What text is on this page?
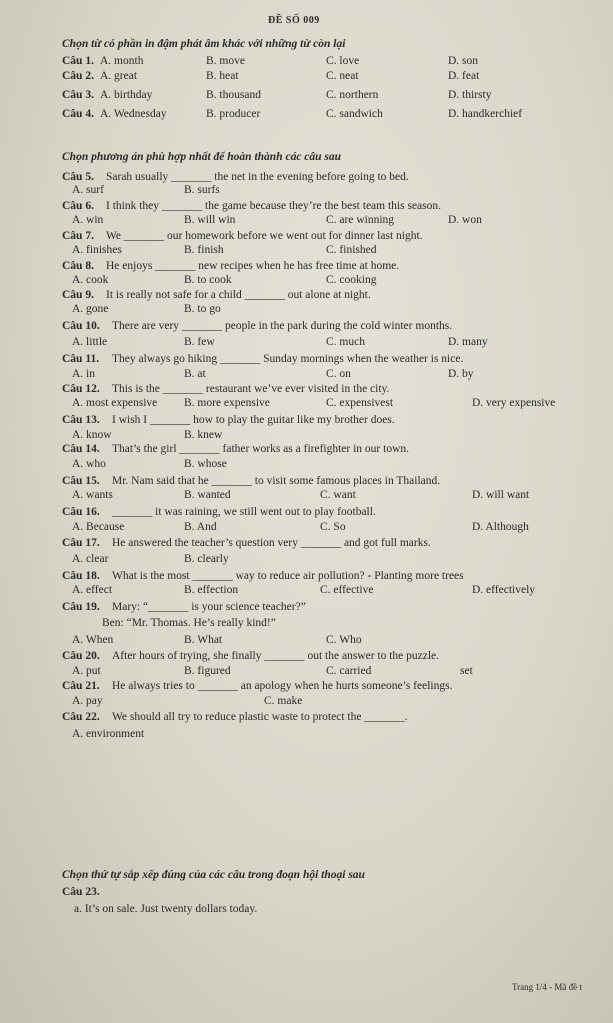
ĐỀ SỐ 009
Chọn từ có phần in đậm phát âm khác với những từ còn lại
Câu 1. A. month	B. move	C. love	D. son
Câu 2. A. great	B. heat	C. neat	D. feat
Câu 3. A. birthday	B. thousand	C. northern	D. thirsty
Câu 4. A. Wednesday	B. producer	C. sandwich	D. handkerchief
Chọn phương án phù hợp nhất để hoàn thành các câu sau
Câu 5. Sarah usually _______ the net in the evening before going to bed.
A. surf	B. surfs
Câu 6. I think they _______ the game because they’re the best team this season.
A. win	B. will win	C. are winning	D. won
Câu 7. We _______ our homework before we went out for dinner last night.
A. finishes	B. finish	C. finished
Câu 8. He enjoys _______ new recipes when he has free time at home.
A. cook	B. to cook	C. cooking
Câu 9. It is really not safe for a child _______ out alone at night.
A. gone	B. to go
Câu 10. There are very _______ people in the park during the cold winter months.
A. little	B. few	C. much	D. many
Câu 11. They always go hiking _______ Sunday mornings when the weather is nice.
A. in	B. at	C. on	D. by
Câu 12. This is the _______ restaurant we’ve ever visited in the city.
A. most expensive B. more expensive	C. expensivest	D. very expensive
Câu 13. I wish I _______ how to play the guitar like my brother does.
A. know	B. knew
Câu 14. That’s the girl _______ father works as a firefighter in our town.
A. who	B. whose
Câu 15. Mr. Nam said that he _______ to visit some famous places in Thailand.
A. wants	B. wanted	C. want	D. will want
Câu 16. _______ it was raining, we still went out to play football.
A. Because	B. And	C. So	D. Although
Câu 17. He answered the teacher’s question very _______ and got full marks.
A. clear	B. clearly
Câu 18. What is the most _______ way to reduce air pollution? - Planting more trees
A. effect	B. effection	C. effective	D. effectively
Câu 19. Mary: “_______ is your science teacher?”
Ben: “Mr. Thomas. He’s really kind!”
A. When	B. What	C. Who
Câu 20. After hours of trying, she finally _______ out the answer to the puzzle.
A. put	B. figured	C. carried	set
Câu 21. He always tries to _______ an apology when he hurts someone’s feelings.
A. pay	C. make
Câu 22. We should all try to reduce plastic waste to protect the _______.
A. environment
Chọn thứ tự sắp xếp đúng của các câu trong đoạn hội thoại sau
Câu 23.
a. It’s on sale. Just twenty dollars today.
Trang 1/4 - Mã đề t
